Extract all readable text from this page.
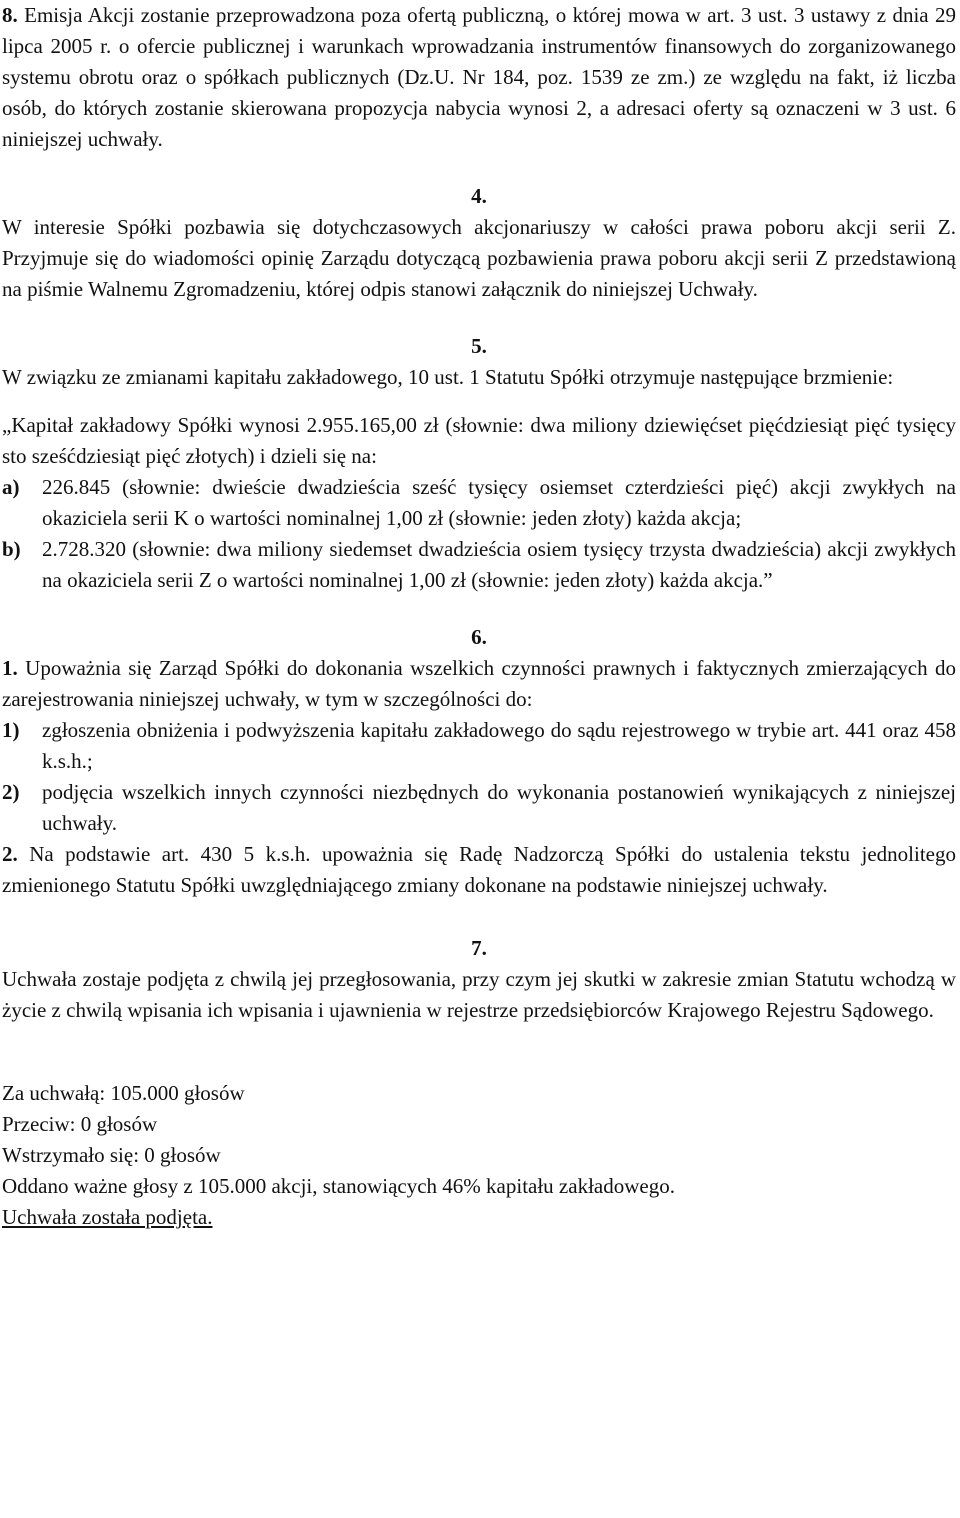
8. Emisja Akcji zostanie przeprowadzona poza ofertą publiczną, o której mowa w art. 3 ust. 3 ustawy z dnia 29 lipca 2005 r. o ofercie publicznej i warunkach wprowadzania instrumentów finansowych do zorganizowanego systemu obrotu oraz o spółkach publicznych (Dz.U. Nr 184, poz. 1539 ze zm.) ze względu na fakt, iż liczba osób, do których zostanie skierowana propozycja nabycia wynosi 2, a adresaci oferty są oznaczeni w 3 ust. 6 niniejszej uchwały.

4.

W interesie Spółki pozbawia się dotychczasowych akcjonariuszy w całości prawa poboru akcji serii Z. Przyjmuje się do wiadomości opinię Zarządu dotyczącą pozbawienia prawa poboru akcji serii Z przedstawioną na piśmie Walnemu Zgromadzeniu, której odpis stanowi załącznik do niniejszej Uchwały.

5.

W związku ze zmianami kapitału zakładowego, 10 ust. 1 Statutu Spółki otrzymuje następujące brzmienie:

„Kapitał zakładowy Spółki wynosi 2.955.165,00 zł (słownie: dwa miliony dziewięćset pięćdziesiąt pięć tysięcy sto sześćdziesiąt pięć złotych) i dzieli się na:

a)	226.845 (słownie: dwieście dwadzieścia sześć tysięcy osiemset czterdzieści pięć) akcji zwykłych na okaziciela serii K o wartości nominalnej 1,00 zł (słownie: jeden złoty) każda akcja;
b)	2.728.320 (słownie: dwa miliony siedemset dwadzieścia osiem tysięcy trzysta dwadzieścia) akcji zwykłych na okaziciela serii Z o wartości nominalnej 1,00 zł (słownie: jeden złoty) każda akcja.”

6.

1. Upoważnia się Zarząd Spółki do dokonania wszelkich czynności prawnych i faktycznych zmierzających do zarejestrowania niniejszej uchwały, w tym w szczególności do:

1)	zgłoszenia obniżenia i podwyższenia kapitału zakładowego do sądu rejestrowego w trybie art. 441 oraz 458 k.s.h.;
2)	podjęcia wszelkich innych czynności niezbędnych do wykonania postanowień wynikających z niniejszej uchwały.

2. Na podstawie art. 430 5 k.s.h. upoważnia się Radę Nadzorczą Spółki do ustalenia tekstu jednolitego zmienionego Statutu Spółki uwzględniającego zmiany dokonane na podstawie niniejszej uchwały.

7.

Uchwała zostaje podjęta z chwilą jej przegłosowania, przy czym jej skutki w zakresie zmian Statutu wchodzą w życie z chwilą wpisania ich wpisania i ujawnienia w rejestrze przedsiębiorców Krajowego Rejestru Sądowego.

Za uchwałą: 105.000 głosów

Przeciw: 0 głosów

Wstrzymało się: 0 głosów

Oddano ważne głosy z 105.000 akcji, stanowiących 46% kapitału zakładowego.

Uchwała została podjęta.
